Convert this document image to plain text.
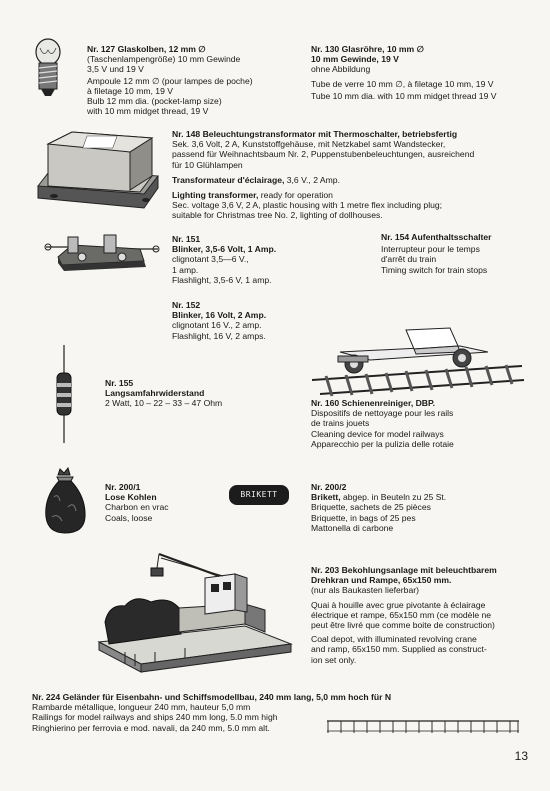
Nr. 127 Glaskolben, 12 mm ∅
(Taschenlampengröße) 10 mm Gewinde
3,5 V und 19 V
Ampoule 12 mm ∅ (pour lampes de poche)
à filetage 10 mm, 19 V
Bulb 12 mm dia. (pocket-lamp size)
with 10 mm midget thread, 19 V
Nr. 130 Glasröhre, 10 mm ∅
10 mm Gewinde, 19 V
ohne Abbildung
Tube de verre 10 mm ∅, à filetage 10 mm, 19 V
Tube 10 mm dia. with 10 mm midget thread 19 V
Nr. 148 Beleuchtungstransformator mit Thermoschalter, betriebsfertig
Sek. 3,6 Volt, 2 A, Kunststoffgehäuse, mit Netzkabel samt Wandstecker,
passend für Weihnachtsbaum Nr. 2, Puppenstubenbeleuchtungen, ausreichend
für 10 Glühlampen
Transformateur d'éclairage, 3,6 V., 2 Amp.
Lighting transformer, ready for operation
Sec. voltage 3,6 V, 2 A, plastic housing with 1 metre flex including plug;
suitable for Christmas tree No. 2, lighting of dollhouses.
Nr. 151
Blinker, 3,5-6 Volt, 1 Amp.
clignotant 3,5—6 V.,
1 amp.
Flashlight, 3,5-6 V, 1 amp.
Nr. 154 Aufenthaltsschalter
Interrupteur pour le temps
d'arrêt du train
Timing switch for train stops
Nr. 152
Blinker, 16 Volt, 2 Amp.
clignotant 16 V., 2 amp.
Flashlight, 16 V, 2 amps.
Nr. 155
Langsamfahrwiderstand
2 Watt, 10 – 22 – 33 – 47 Ohm	Nr. 160 Schienenreiniger, DBP.
Dispositifs de nettoyage pour les rails
de trains jouets
Cleaning device for model railways
Apparecchio per la pulizia delle rotaie
Nr. 200/1
Lose Kohlen
Charbon en vrac
Coals, loose
BRIKETT
Nr. 200/2
Brikett, abgep. in Beuteln zu 25 St.
Briquette, sachets de 25 pièces
Briquette, in bags of 25 pes
Mattonella di carbone
Nr. 203 Bekohlungsanlage mit beleuchtbarem
Drehkran und Rampe, 65x150 mm.
(nur als Baukasten lieferbar)
Quai à houille avec grue pivotante à éclairage
électrique et rampe, 65x150 mm (ce modèle ne
peut être livré que comme boite de construction)
Coal depot, with illuminated revolving crane
and ramp, 65x150 mm. Supplied as construct-
ion set only.
Nr. 224 Geländer für Eisenbahn- und Schiffsmodellbau, 240 mm lang, 5,0 mm hoch für N
Rambarde métallique, longueur 240 mm, hauteur 5,0 mm
Railings for model railways and ships 240 mm long, 5.0 mm high
Ringhierino per ferrovia e mod. navali, da 240 mm, 5.0 mm alt.
13
